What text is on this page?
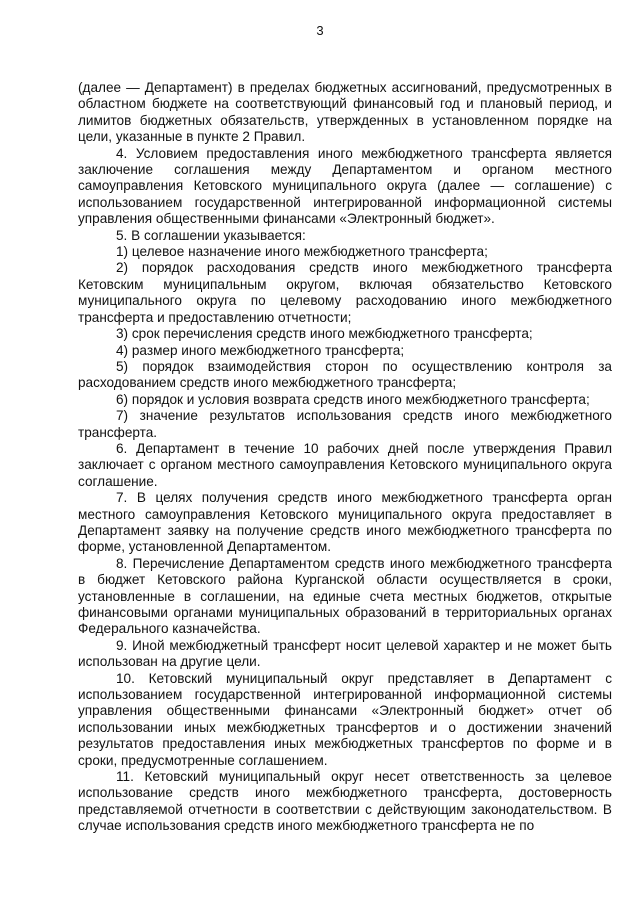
3

(далее — Департамент) в пределах бюджетных ассигнований, предусмотренных в областном бюджете на соответствующий финансовый год и плановый период, и лимитов бюджетных обязательств, утвержденных в установленном порядке на цели, указанные в пункте 2 Правил.

4. Условием предоставления иного межбюджетного трансферта является заключение соглашения между Департаментом и органом местного самоуправления Кетовского муниципального округа (далее — соглашение) с использованием государственной интегрированной информационной системы управления общественными финансами «Электронный бюджет».

5. В соглашении указывается:

1) целевое назначение иного межбюджетного трансферта;

2) порядок расходования средств иного межбюджетного трансферта Кетовским муниципальным округом, включая обязательство Кетовского муниципального округа по целевому расходованию иного межбюджетного трансферта и предоставлению отчетности;

3) срок перечисления средств иного межбюджетного трансферта;

4) размер иного межбюджетного трансферта;

5) порядок взаимодействия сторон по осуществлению контроля за расходованием средств иного межбюджетного трансферта;

6) порядок и условия возврата средств иного межбюджетного трансферта;

7) значение результатов использования средств иного межбюджетного трансферта.

6. Департамент в течение 10 рабочих дней после утверждения Правил заключает с органом местного самоуправления Кетовского муниципального округа соглашение.

7. В целях получения средств иного межбюджетного трансферта орган местного самоуправления Кетовского муниципального округа предоставляет в Департамент заявку на получение средств иного межбюджетного трансферта по форме, установленной Департаментом.

8. Перечисление Департаментом средств иного межбюджетного трансферта в бюджет Кетовского района Курганской области осуществляется в сроки, установленные в соглашении, на единые счета местных бюджетов, открытые финансовыми органами муниципальных образований в территориальных органах Федерального казначейства.

9. Иной межбюджетный трансферт носит целевой характер и не может быть использован на другие цели.

10. Кетовский муниципальный округ представляет в Департамент с использованием государственной интегрированной информационной системы управления общественными финансами «Электронный бюджет» отчет об использовании иных межбюджетных трансфертов и о достижении значений результатов предоставления иных межбюджетных трансфертов по форме и в сроки, предусмотренные соглашением.

11. Кетовский муниципальный округ несет ответственность за целевое использование средств иного межбюджетного трансферта, достоверность представляемой отчетности в соответствии с действующим законодательством. В случае использования средств иного межбюджетного трансферта не по
